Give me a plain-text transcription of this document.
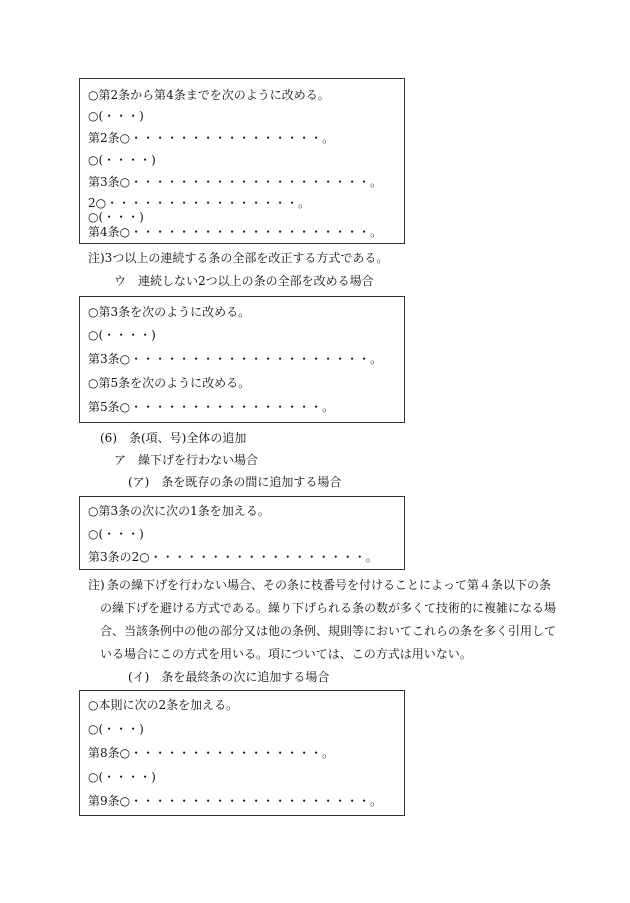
○第2条から第4条までを次のように改める。
○(・・・)
第2条○・・・・・・・・・・・・・・・・。
○(・・・・)
第3条○・・・・・・・・・・・・・・・・・・・・。
2○・・・・・・・・・・・・・・・・。
○(・・・)
第4条○・・・・・・・・・・・・・・・・・・・・。
注)3つ以上の連続する条の全部を改正する方式である。
ウ　連続しない2つ以上の条の全部を改める場合
○第3条を次のように改める。
○(・・・・)
第3条○・・・・・・・・・・・・・・・・・・・・。
○第5条を次のように改める。
第5条○・・・・・・・・・・・・・・・・。
(6)　条(項、号)全体の追加
ア　繰下げを行わない場合
(ア)　条を既存の条の間に追加する場合
○第3条の次に次の1条を加える。
○(・・・)
第3条の2○・・・・・・・・・・・・・・・・・・。
注) 条の繰下げを行わない場合、その条に枝番号を付けることによって第４条以下の条
の繰下げを避ける方式である。繰り下げられる条の数が多くて技術的に複雑になる場
合、当該条例中の他の部分又は他の条例、規則等においてこれらの条を多く引用して
いる場合にこの方式を用いる。項については、この方式は用いない。
(イ)　条を最終条の次に追加する場合
○本則に次の2条を加える。
○(・・・)
第8条○・・・・・・・・・・・・・・・・。
○(・・・・)
第9条○・・・・・・・・・・・・・・・・・・・・。
